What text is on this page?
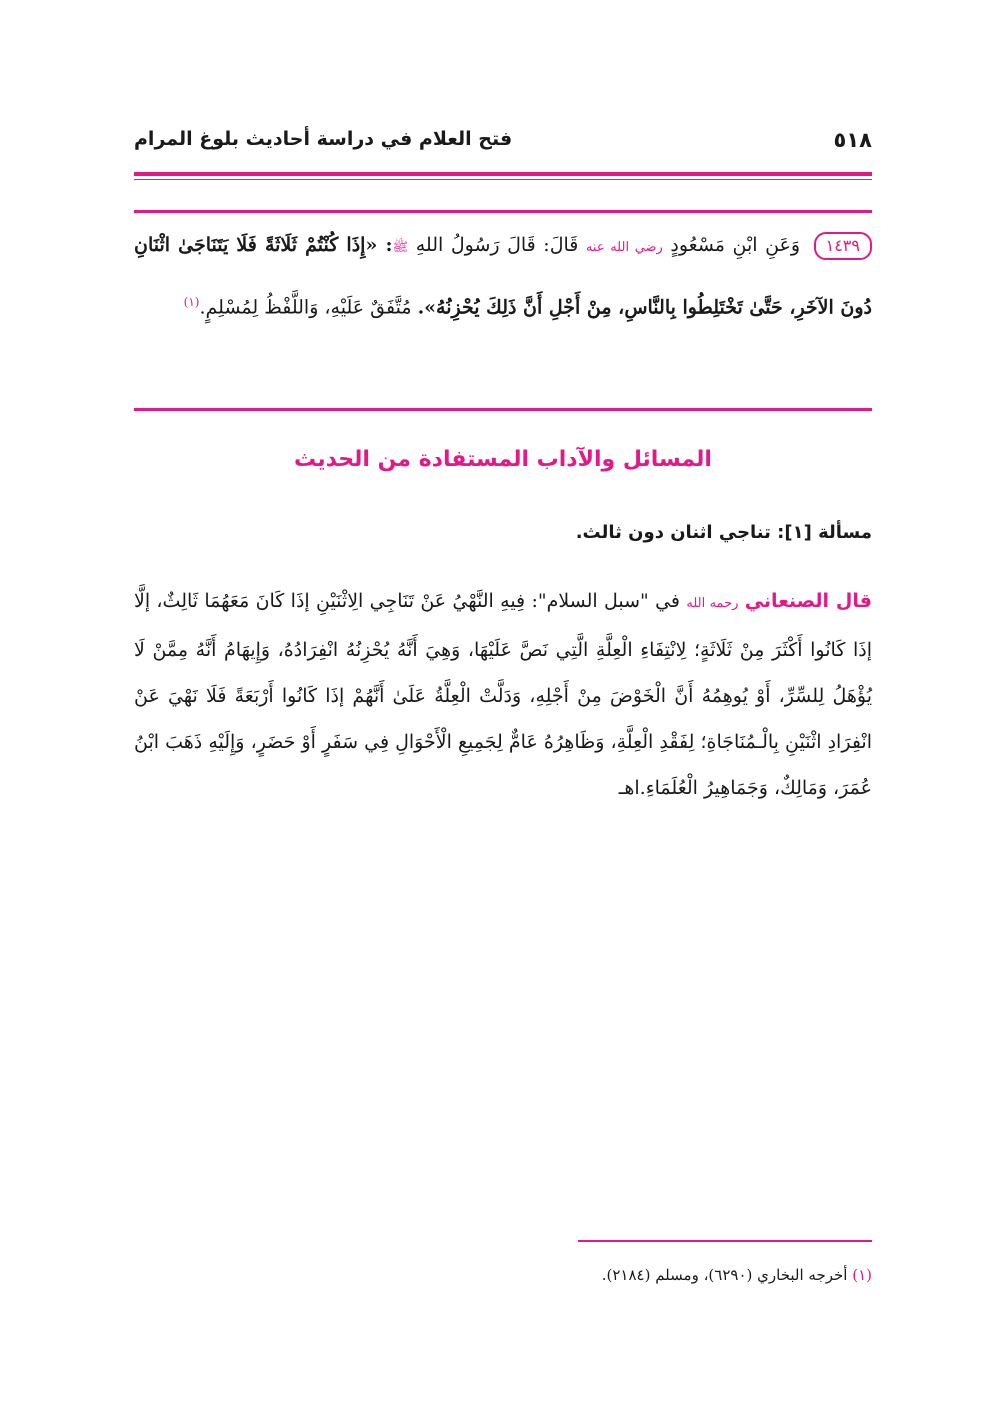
٥١٨
فتح العلام في دراسة أحاديث بلوغ المرام
١٤٣٩ وَعَنِ ابْنِ مَسْعُودٍ رضي الله عنه قَالَ: قَالَ رَسُولُ اللهِ ﷺ: «إِذَا كُنْتُمْ ثَلَاثَةً فَلَا يَتَنَاجَىٰ اثْنَانِ دُونَ الآخَرِ، حَتَّىٰ تَخْتَلِطُوا بِالنَّاسِ، مِنْ أَجْلِ أَنَّ ذَلِكَ يُحْزِنُهُ». مُتَّفَقٌ عَلَيْهِ، وَاللَّفْظُ لِمُسْلِمٍ.$^{(١)}$
المسائل والآداب المستفادة من الحديث
مسألة [١]: تناجي اثنان دون ثالث.
قال الصنعاني رحمه الله في "سبل السلام": فِيهِ النَّهْيُ عَنْ تَنَاجِي الِاثْنَيْنِ إذَا كَانَ مَعَهُمَا ثَالِثٌ، إلَّا إذَا كَانُوا أَكْثَرَ مِنْ ثَلَاثَةٍ؛ لِانْتِفَاءِ الْعِلَّةِ الَّتِي نَصَّ عَلَيْهَا، وَهِيَ أَنَّهُ يُحْزِنُهُ انْفِرَادُهُ، وَإِيهَامُ أَنَّهُ مِمَّنْ لَا يُؤْهَلُ لِلسِّرِّ، أَوْ يُوهِمُهُ أَنَّ الْخَوْضَ مِنْ أَجْلِهِ، وَدَلَّتْ الْعِلَّةُ عَلَىٰ أَنَّهُمْ إذَا كَانُوا أَرْبَعَةً فَلَا نَهْيَ عَنْ انْفِرَادِ اثْنَيْنِ بِالْـمُنَاجَاةِ؛ لِفَقْدِ الْعِلَّةِ، وَظَاهِرُهُ عَامٌّ لِجَمِيعِ الْأَحْوَالِ فِي سَفَرٍ أَوْ حَضَرٍ، وَإِلَيْهِ ذَهَبَ ابْنُ عُمَرَ، وَمَالِكٌ، وَجَمَاهِيرُ الْعُلَمَاءِ.اهـ
(١) أخرجه البخاري (٦٢٩٠)، ومسلم (٢١٨٤).
